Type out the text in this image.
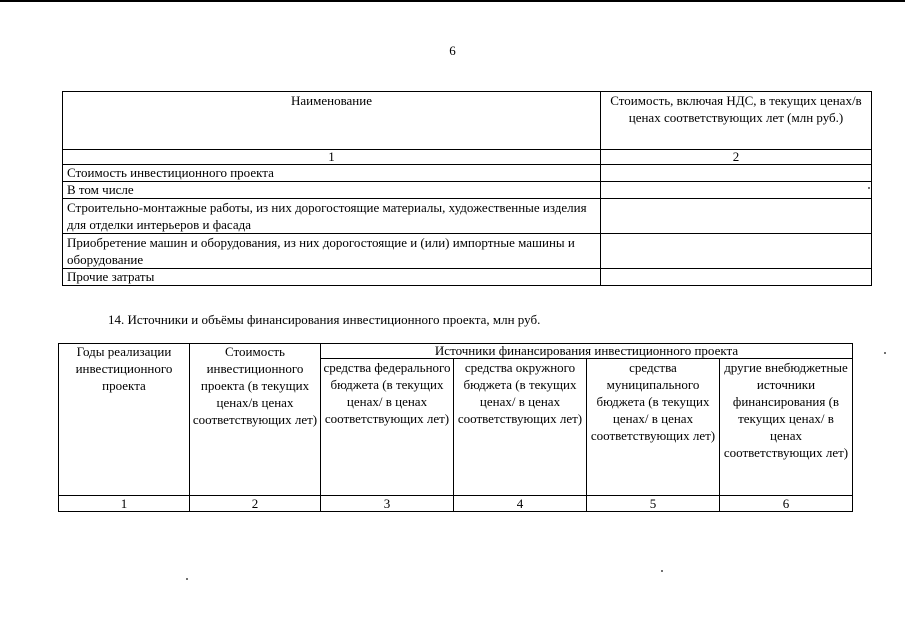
6
Наименование	Стоимость, включая НДС, в текущих ценах/в ценах соответствующих лет (млн руб.)
1	2
Стоимость инвестиционного проекта	
В том числе	
Строительно-монтажные работы, из них дорогостоящие материалы, художественные изделия для отделки интерьеров и фасада	
Приобретение машин и оборудования, из них дорогостоящие и (или) импортные машины и оборудование	
Прочие затраты	
14. Источники и объёмы финансирования инвестиционного проекта, млн руб.
Годы реализации инвестиционного проекта	Стоимость инвестиционного проекта (в текущих ценах/в ценах соответствующих лет)	Источники финансирования инвестиционного проекта			
		средства федерального бюджета (в текущих ценах/ в ценах соответствующих лет)	средства окружного бюджета (в текущих ценах/ в ценах соответствующих лет)	средства муниципального бюджета (в текущих ценах/ в ценах соответствующих лет)	другие внебюджетные источники финансирования (в текущих ценах/ в ценах соответствующих лет)
1	2	3	4	5	6
